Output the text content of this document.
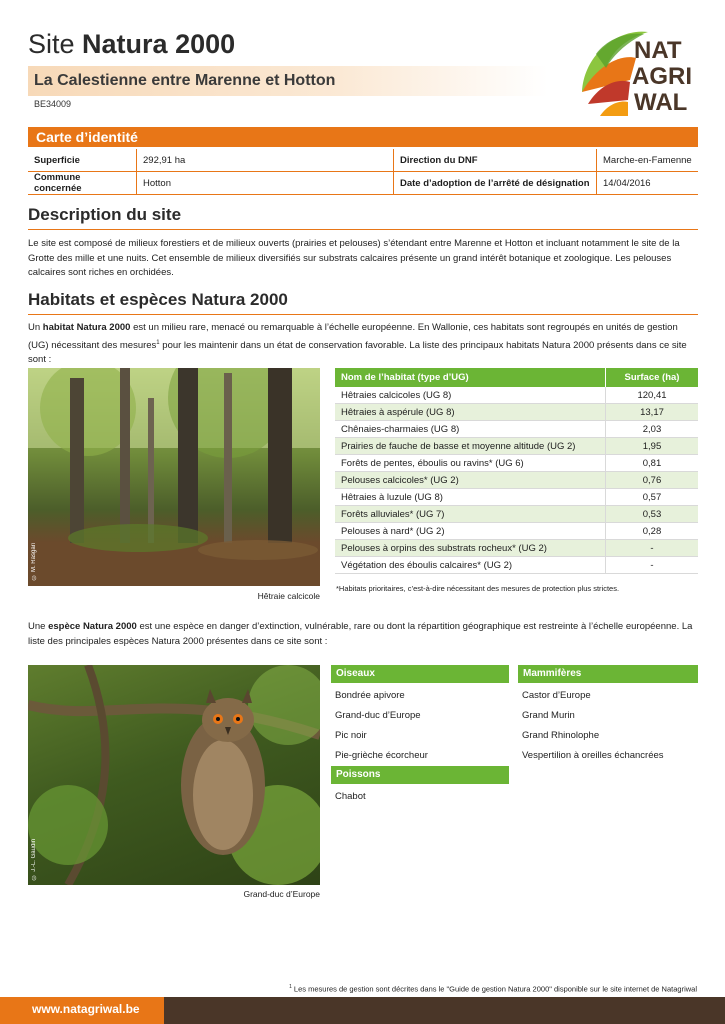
Site Natura 2000
La Calestienne entre Marenne et Hotton
BE34009
NAT
AGRI
WAL
Carte d’identité
Superficie	292,91 ha	Direction du DNF	Marche-en-Famenne
Commune concernée	Hotton	Date d’adoption de l’arrêté de désignation	14/04/2016
Description du site
Le site est composé de milieux forestiers et de milieux ouverts (prairies et pelouses) s’étendant entre Marenne et Hotton et incluant notamment le site de la Grotte des mille et une nuits. Cet ensemble de milieux diversifiés sur substrats calcaires présente un grand intérêt botanique et zoologique. Les pelouses calcaires sont riches en orchidées.
Habitats et espèces Natura 2000
Un habitat Natura 2000 est un milieu rare, menacé ou remarquable à l’échelle européenne. En Wallonie, ces habitats sont regroupés en unités de gestion (UG) nécessitant des mesures$^1$ pour les maintenir dans un état de conservation favorable. La liste des principaux habitats Natura 2000 présents dans ce site sont :
© M. Rasgari
Hêtraie calcicole
Nom de l’habitat (type d’UG)	Surface (ha)
Hêtraies calcicoles (UG 8)	120,41
Hêtraies à aspérule (UG 8)	13,17
Chênaies-charmaies (UG 8)	2,03
Prairies de fauche de basse et moyenne altitude (UG 2)	1,95
Forêts de pentes, éboulis ou ravins* (UG 6)	0,81
Pelouses calcicoles* (UG 2)	0,76
Hêtraies à luzule (UG 8)	0,57
Forêts alluviales* (UG 7)	0,53
Pelouses à nard* (UG 2)	0,28
Pelouses à orpins des substrats rocheux* (UG 2)	-
Végétation des éboulis calcaires* (UG 2)	-
*Habitats prioritaires, c’est-à-dire nécessitant des mesures de protection plus strictes.
Une espèce Natura 2000 est une espèce en danger d’extinction, vulnérable, rare ou dont la répartition géographique est restreinte à l’échelle européenne. La liste des principales espèces Natura 2000 présentes dans ce site sont :
© J.-L. Gaudin
Grand-duc d’Europe
Oiseaux
Bondrée apivore
Grand-duc d’Europe
Pic noir
Pie-grièche écorcheur
Poissons
Chabot
Mammifères
Castor d’Europe
Grand Murin
Grand Rhinolophe
Vespertilion à oreilles échancrées
$^1$ Les mesures de gestion sont décrites dans le "Guide de gestion Natura 2000" disponible sur le site internet de Natagriwal
www.natagriwal.be
